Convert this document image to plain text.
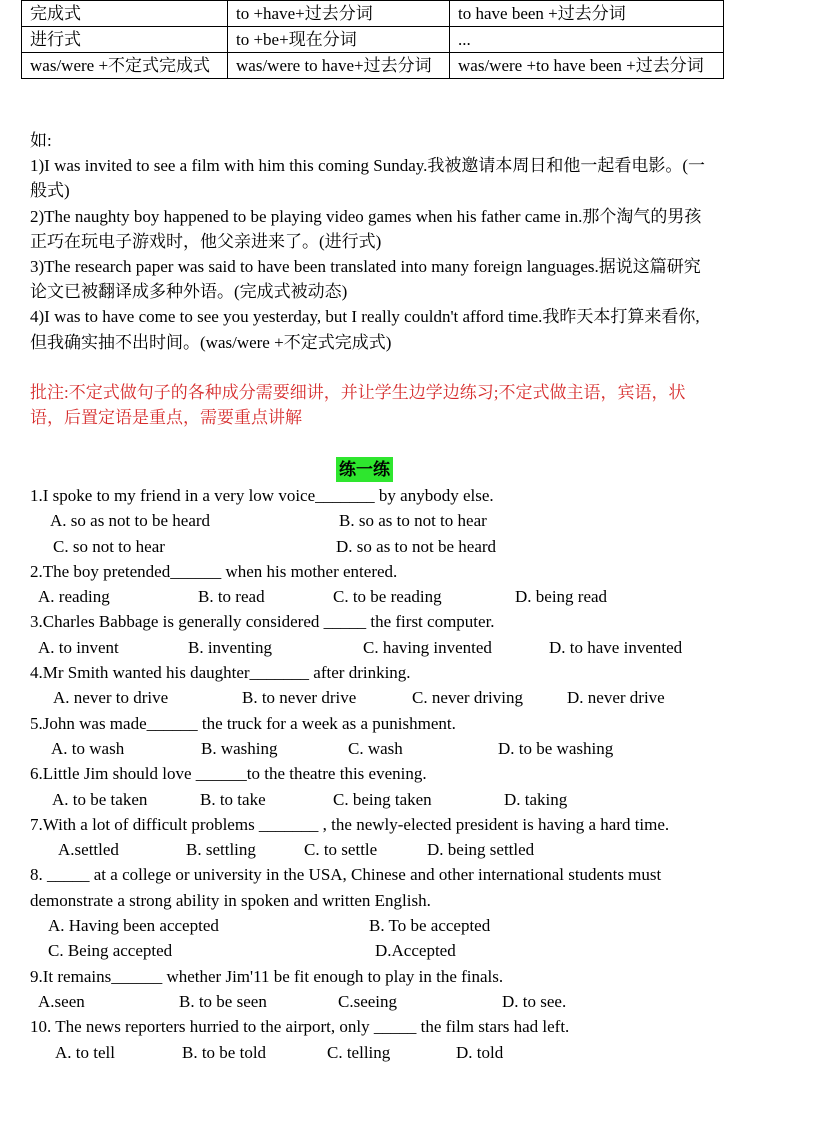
完成式	to +have+过去分词	to have been +过去分词
进行式	to +be+现在分词	...
was/were +不定式完成式	was/were to have+过去分词	was/were +to have been +过去分词

如:

1)I was invited to see a film with him this coming Sunday.我被邀请本周日和他一起看电影。(一般式)

2)The naughty boy happened to be playing video games when his father came in.那个淘气的男孩正巧在玩电子游戏时，他父亲进来了。(进行式)

3)The research paper was said to have been translated into many foreign languages.据说这篇研究论文已被翻译成多种外语。(完成式被动态)

4)I was to have come to see you yesterday, but I really couldn't afford time.我昨天本打算来看你,但我确实抽不出时间。(was/were +不定式完成式)

批注:不定式做句子的各种成分需要细讲，并让学生边学边练习;不定式做主语，宾语，状语，后置定语是重点，需要重点讲解
练一练

1.I spoke to my friend in a very low voice_______ by anybody else.

A. so as not to be heard	B. so as to not to hear
C. so not to hear	D. so as to not be heard

2.The boy pretended______ when his mother entered.

A. reading	B. to read	C. to be reading	D. being read

3.Charles Babbage is generally considered _____ the first computer.

A. to invent	B. inventing	C. having invented	D. to have invented

4.Mr Smith wanted his daughter_______ after drinking.

A. never to drive	B. to never drive	C. never driving	D. never drive

5.John was made______ the truck for a week as a punishment.

A. to wash	B. washing	C. wash	D. to be washing

6.Little Jim should love ______to the theatre this evening.

A. to be taken	B. to take	C. being taken	D. taking

7.With a lot of difficult problems _______ , the newly-elected president is having a hard time.

A.settled	B. settling	C. to settle	D. being settled

8. _____ at a college or university in the USA, Chinese and other international students must demonstrate a strong ability in spoken and written English.

A. Having been accepted	B. To be accepted
C. Being accepted	D.Accepted

9.It remains______ whether Jim'11 be fit enough to play in the finals.

A.seen	B. to be seen	C.seeing	D. to see.

10. The news reporters hurried to the airport, only _____ the film stars had left.

A. to tell	B. to be told	C. telling	D. told
